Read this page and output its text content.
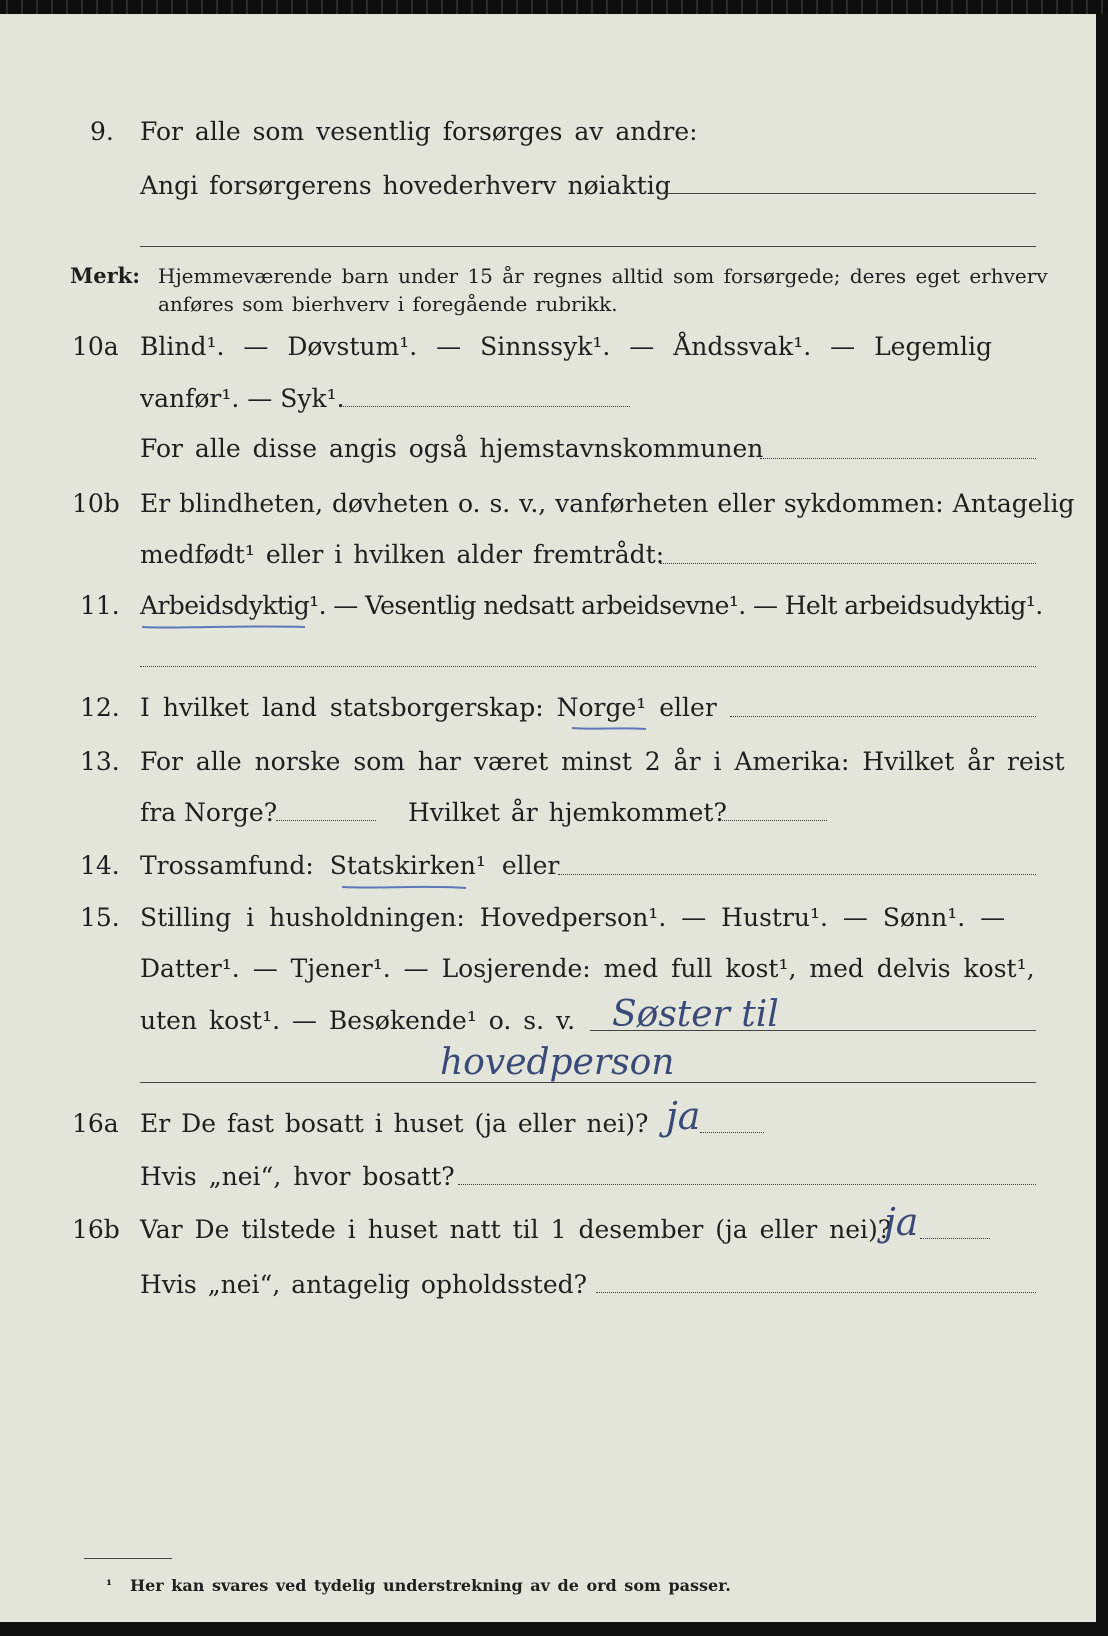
9. For alle som vesentlig forsørges av andre:
Angi forsørgerens hovederhverv nøiaktig
Merk: Hjemmeværende barn under 15 år regnes alltid som forsørgede; deres eget erhverv
anføres som bierhverv i foregående rubrikk.
10a Blind¹. — Døvstum¹. — Sinnssyk¹. — Åndssvak¹. — Legemlig
vanfør¹. — Syk¹.
For alle disse angis også hjemstavnskommunen
10b Er blindheten, døvheten o. s. v., vanførheten eller sykdommen: Antagelig
medfødt¹ eller i hvilken alder fremtrådt:
11. Arbeidsdyktig¹. — Vesentlig nedsatt arbeidsevne¹. — Helt arbeidsudyktig¹.
12. I hvilket land statsborgerskap: Norge¹ eller
13. For alle norske som har været minst 2 år i Amerika: Hvilket år reist
fra Norge?	Hvilket år hjemkommet?
14. Trossamfund: Statskirken¹ eller
15. Stilling i husholdningen: Hovedperson¹. — Hustru¹. — Sønn¹. —
Datter¹. — Tjener¹. — Losjerende: med full kost¹, med delvis kost¹,
uten kost¹. — Besøkende¹ o. s. v. Søster til
hovedperson
16a Er De fast bosatt i huset (ja eller nei)? ja
Hvis „nei“, hvor bosatt?
16b Var De tilstede i huset natt til 1 desember (ja eller nei)?
ja
Hvis „nei“, antagelig opholdssted?
¹ Her kan svares ved tydelig understrekning av de ord som passer.
